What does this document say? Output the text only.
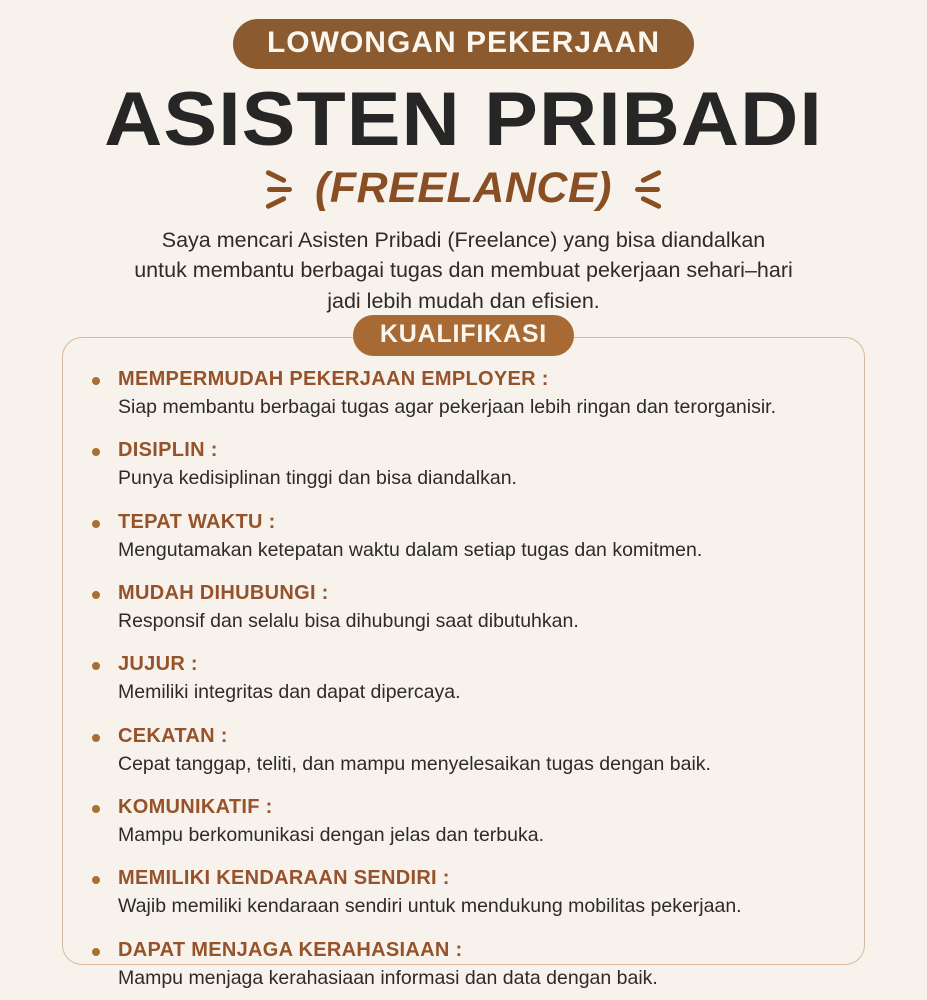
LOWONGAN PEKERJAAN
ASISTEN PRIBADI
(FREELANCE)

Saya mencari Asisten Pribadi (Freelance) yang bisa diandalkan

untuk membantu berbagai tugas dan membuat pekerjaan sehari–hari

jadi lebih mudah dan efisien.

KUALIFIKASI
MEMPERMUDAH PEKERJAAN EMPLOYER :
Siap membantu berbagai tugas agar pekerjaan lebih ringan dan terorganisir.
DISIPLIN :
Punya kedisiplinan tinggi dan bisa diandalkan.
TEPAT WAKTU :
Mengutamakan ketepatan waktu dalam setiap tugas dan komitmen.
MUDAH DIHUBUNGI :
Responsif dan selalu bisa dihubungi saat dibutuhkan.
JUJUR :
Memiliki integritas dan dapat dipercaya.
CEKATAN :
Cepat tanggap, teliti, dan mampu menyelesaikan tugas dengan baik.
KOMUNIKATIF :
Mampu berkomunikasi dengan jelas dan terbuka.
MEMILIKI KENDARAAN SENDIRI :
Wajib memiliki kendaraan sendiri untuk mendukung mobilitas pekerjaan.
DAPAT MENJAGA KERAHASIAAN :
Mampu menjaga kerahasiaan informasi dan data dengan baik.
